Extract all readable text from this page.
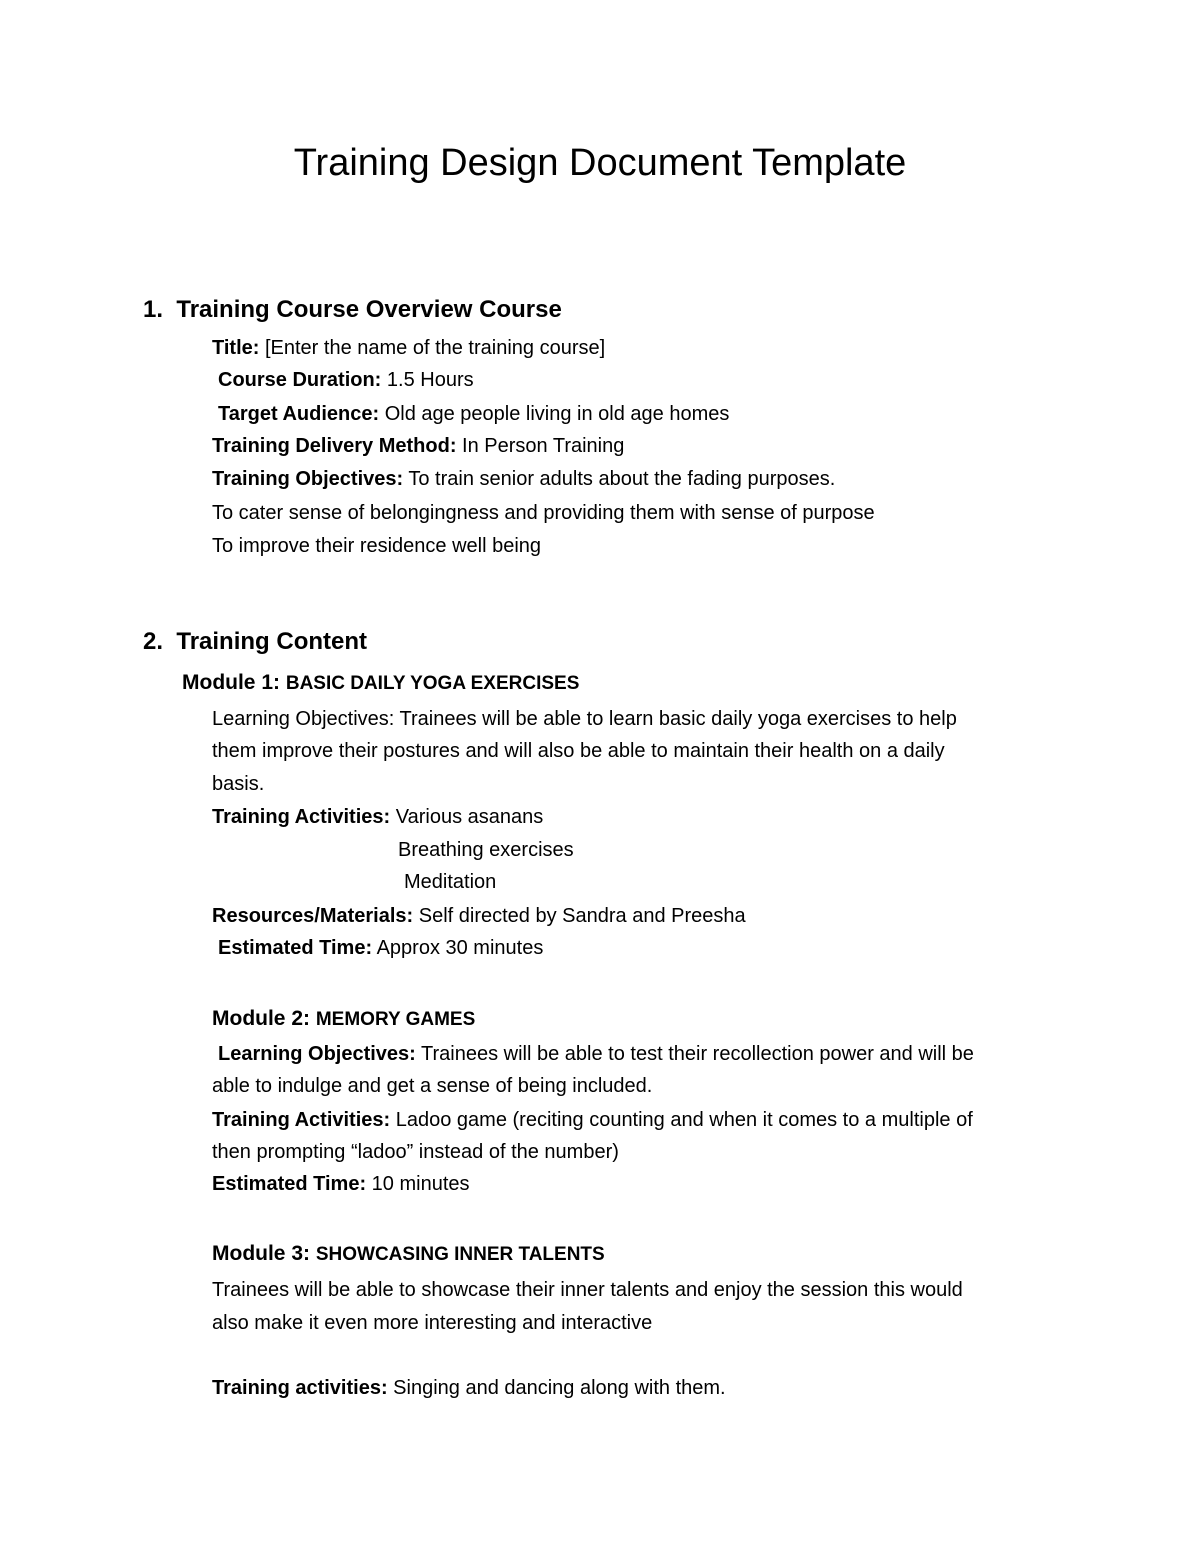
Training Design Document Template
1. Training Course Overview Course
Title: [Enter the name of the training course]
Course Duration: 1.5 Hours
Target Audience: Old age people living in old age homes
Training Delivery Method: In Person Training
Training Objectives: To train senior adults about the fading purposes.
To cater sense of belongingness and providing them with sense of purpose
To improve their residence well being
2. Training Content
Module 1: BASIC DAILY YOGA EXERCISES
Learning Objectives: Trainees will be able to learn basic daily yoga exercises to help
them improve their postures and will also be able to maintain their health on a daily
basis.
Training Activities: Various asanans
Breathing exercises
Meditation
Resources/Materials: Self directed by Sandra and Preesha
Estimated Time: Approx 30 minutes
Module 2: MEMORY GAMES
Learning Objectives: Trainees will be able to test their recollection power and will be
able to indulge and get a sense of being included.
Training Activities: Ladoo game (reciting counting and when it comes to a multiple of
then prompting “ladoo” instead of the number)
Estimated Time: 10 minutes
Module 3: SHOWCASING INNER TALENTS
Trainees will be able to showcase their inner talents and enjoy the session this would
also make it even more interesting and interactive
Training activities: Singing and dancing along with them.
